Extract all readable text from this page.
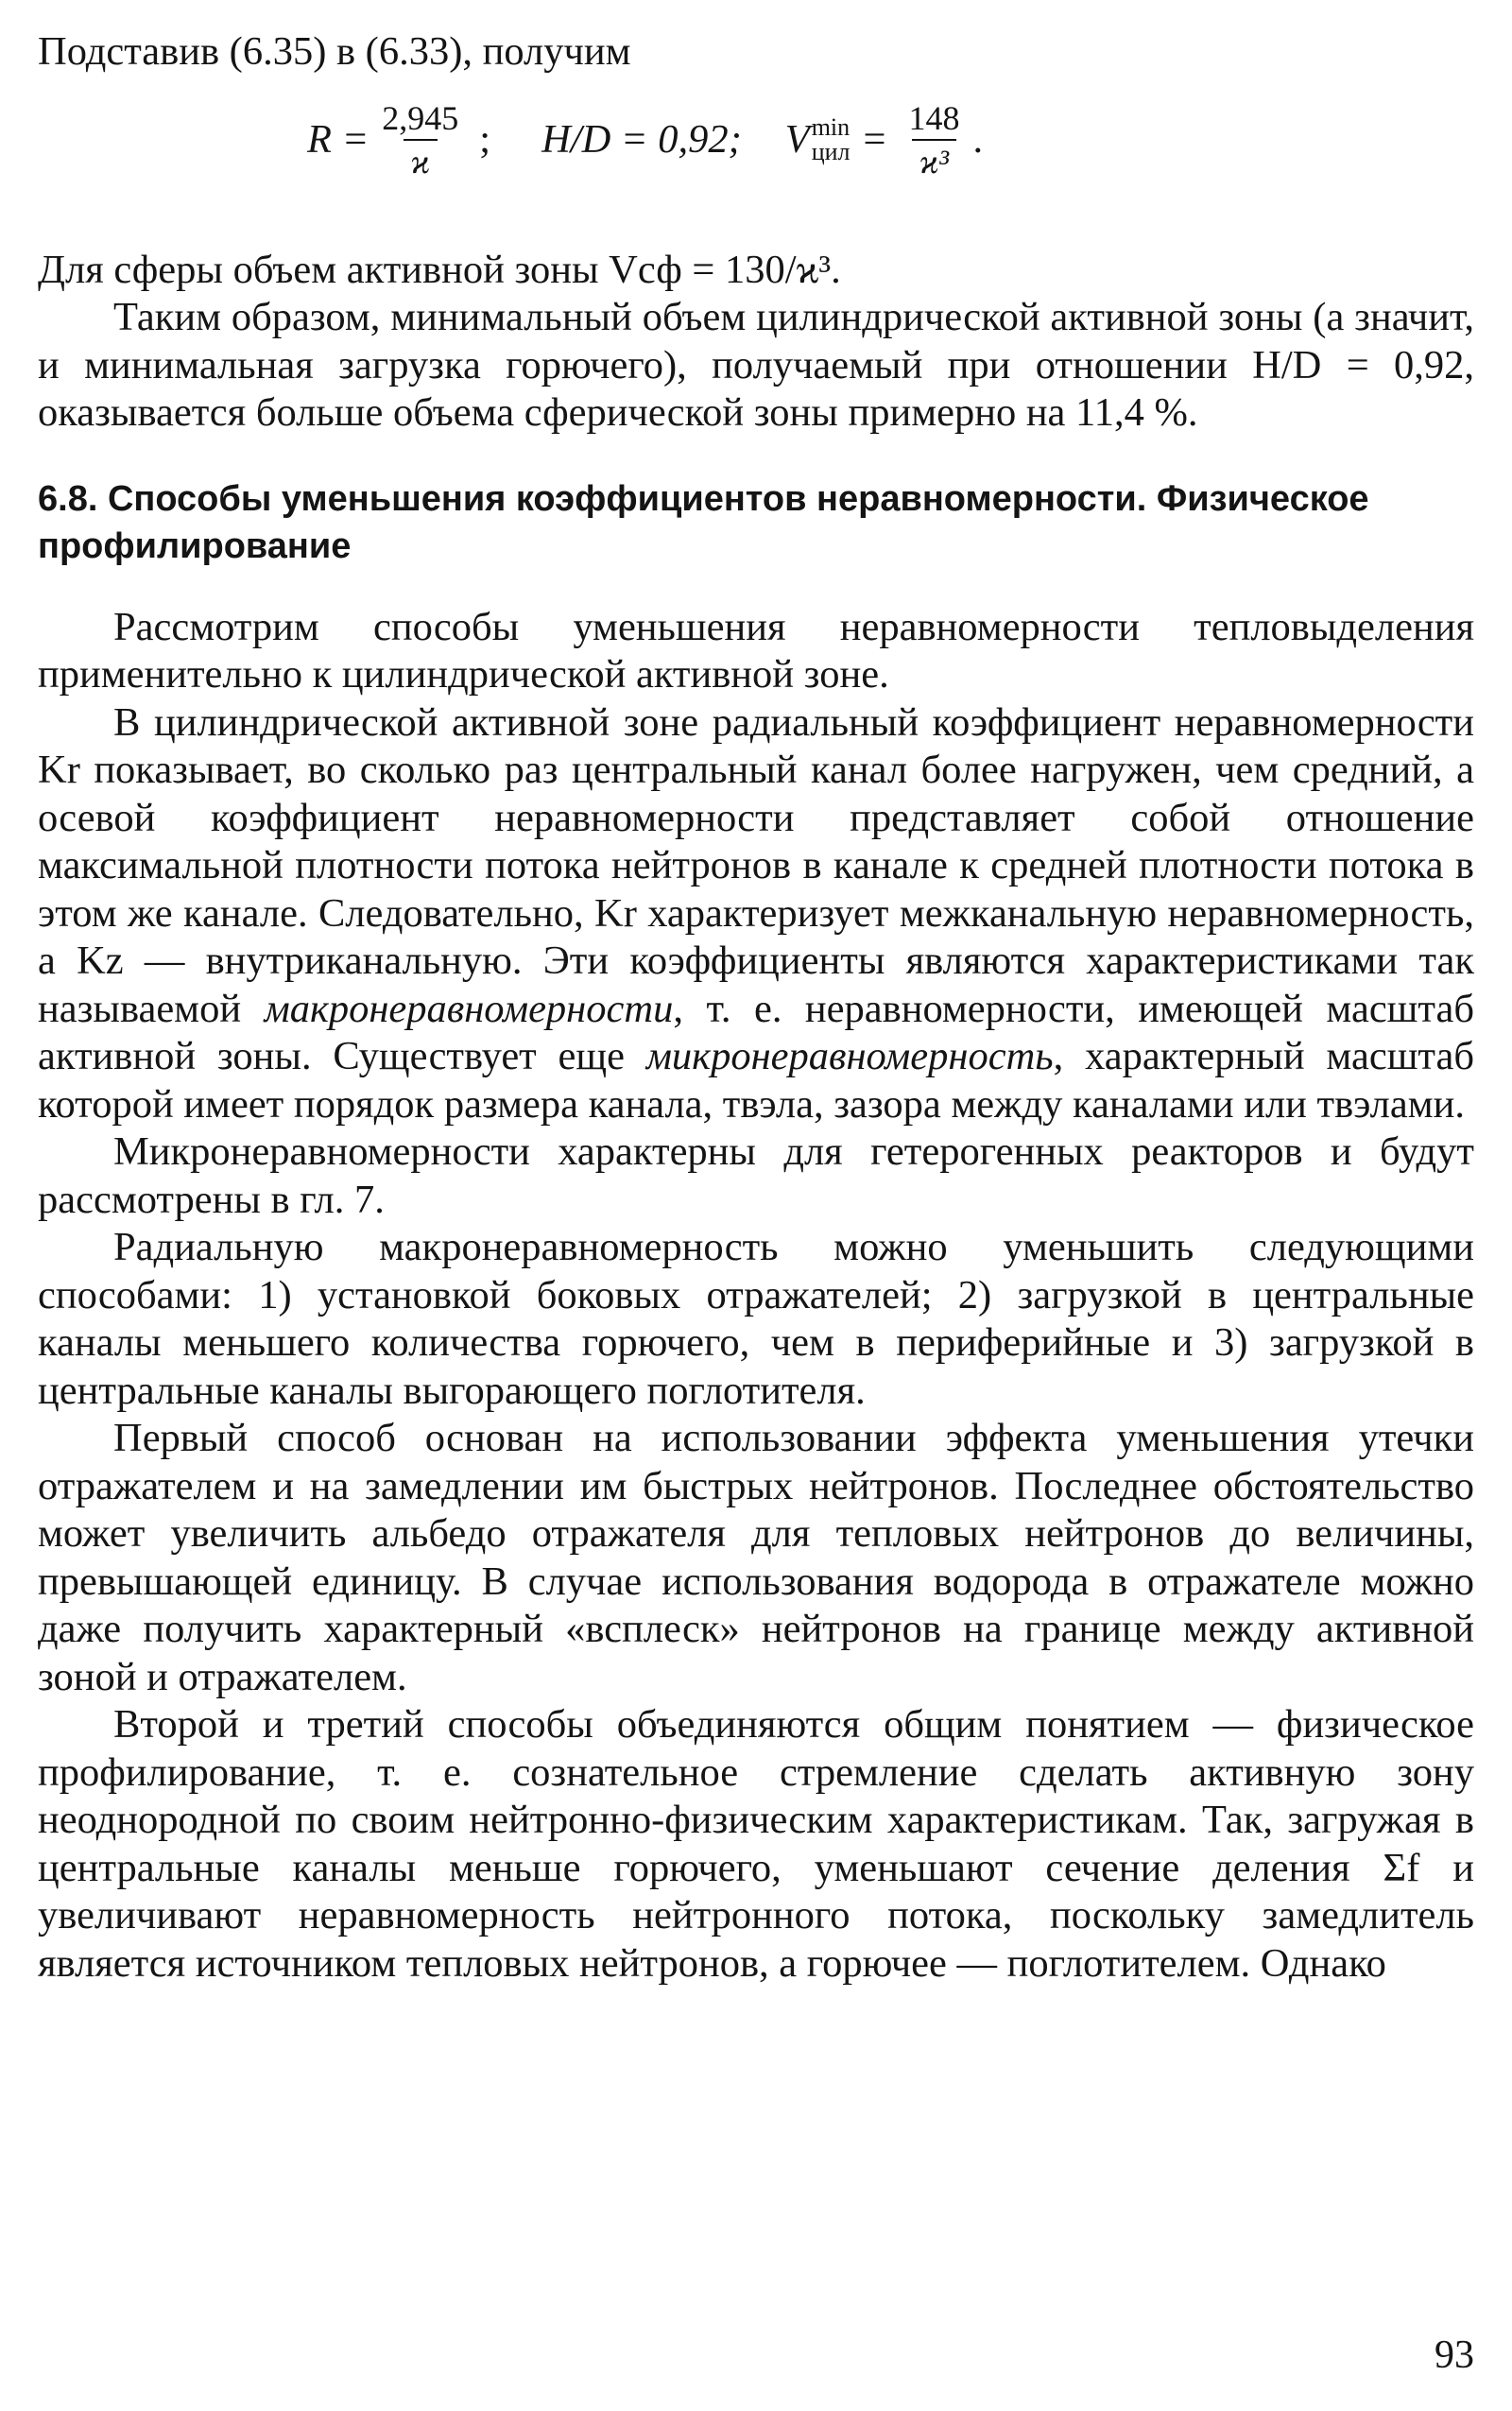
Подставив (6.35) в (6.33), получим

$R = \frac{2,945}{ϰ}$ ; H/D = 0,92; V min
цил = $\frac{148}{\text{ϰ³}}$ .

Для сферы объем активной зоны Vсф = 130/ϰ³.

Таким образом, минимальный объем цилиндрической активной зоны (а значит, и минимальная загрузка горючего), получаемый при отношении H/D = 0,92, оказывается больше объема сферической зоны примерно на 11,4 %.

6.8. Способы уменьшения коэффициентов неравномерности. Физическое профилирование

Рассмотрим способы уменьшения неравномерности тепловыделения применительно к цилиндрической активной зоне.

В цилиндрической активной зоне радиальный коэффициент неравномерности Kr показывает, во сколько раз центральный канал более нагружен, чем средний, а осевой коэффициент неравномерности представляет собой отношение максимальной плотности потока нейтронов в канале к средней плотности потока в этом же канале. Следовательно, Kr характеризует межканальную неравномерность, а Kz — внутриканальную. Эти коэффициенты являются характеристиками так называемой макронеравномерности, т. е. неравномерности, имеющей масштаб активной зоны. Существует еще микронеравномерность, характерный масштаб которой имеет порядок размера канала, твэла, зазора между каналами или твэлами.

Микронеравномерности характерны для гетерогенных реакторов и будут рассмотрены в гл. 7.

Радиальную макронеравномерность можно уменьшить следующими способами: 1) установкой боковых отражателей; 2) загрузкой в центральные каналы меньшего количества горючего, чем в периферийные и 3) загрузкой в центральные каналы выгорающего поглотителя.

Первый способ основан на использовании эффекта уменьшения утечки отражателем и на замедлении им быстрых нейтронов. Последнее обстоятельство может увеличить альбедо отражателя для тепловых нейтронов до величины, превышающей единицу. В случае использования водорода в отражателе можно даже получить характерный «всплеск» нейтронов на границе между активной зоной и отражателем.

Второй и третий способы объединяются общим понятием — физическое профилирование, т. е. сознательное стремление сделать активную зону неоднородной по своим нейтронно-физическим характеристикам. Так, загружая в центральные каналы меньше горючего, уменьшают сечение деления Σf и увеличивают неравномерность нейтронного потока, поскольку замедлитель является источником тепловых нейтронов, а горючее — поглотителем. Однако

93
